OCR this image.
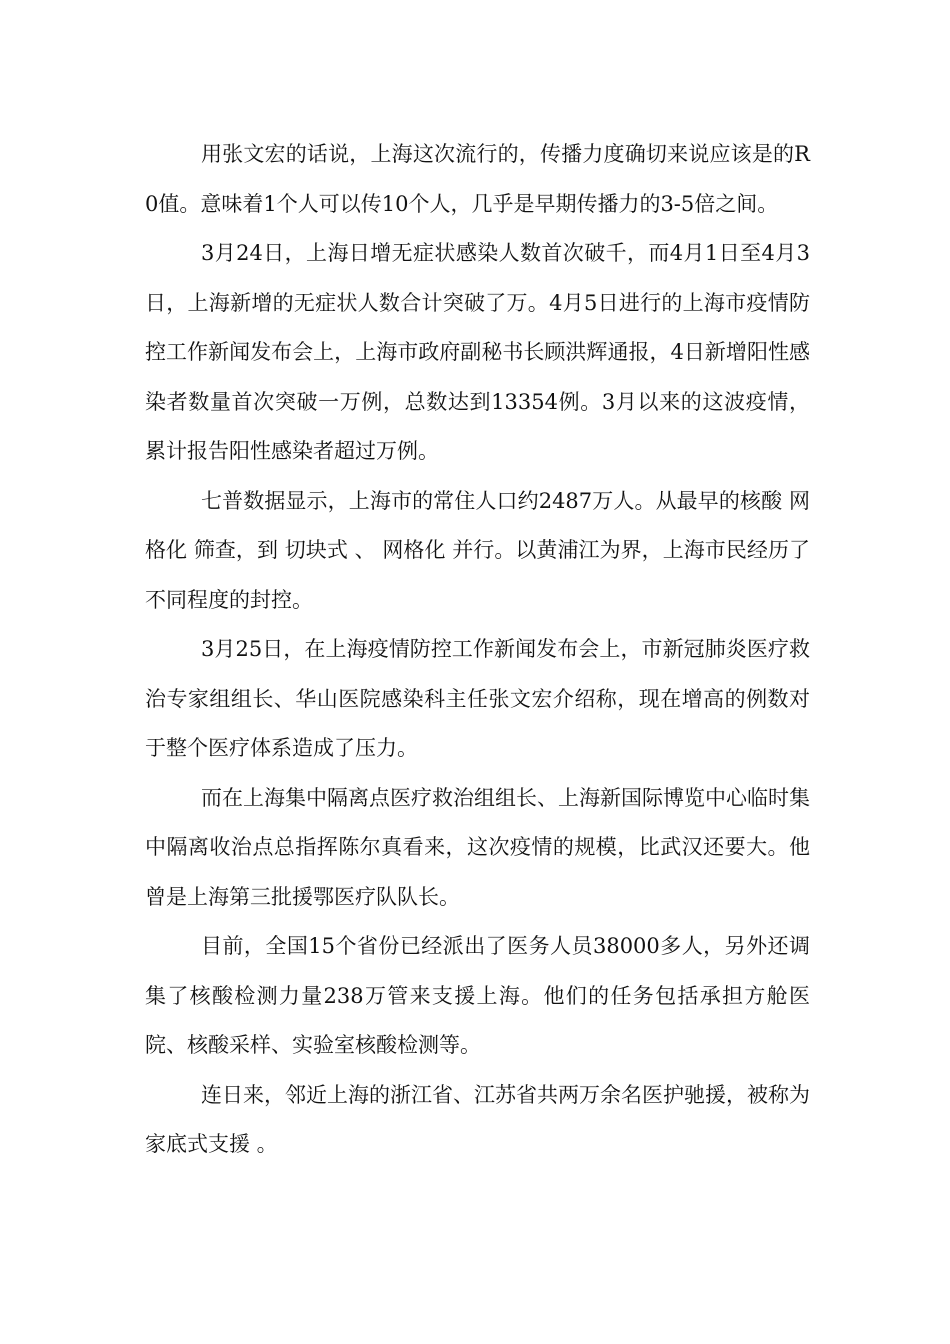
用张文宏的话说，上海这次流行的，传播力度确切来说应该是的R0值。意味着1个人可以传10个人，几乎是早期传播力的3-5倍之间。

3月24日，上海日增无症状感染人数首次破千，而4月1日至4月3日，上海新增的无症状人数合计突破了万。4月5日进行的上海市疫情防控工作新闻发布会上，上海市政府副秘书长顾洪辉通报，4日新增阳性感染者数量首次突破一万例，总数达到13354例。3月以来的这波疫情，累计报告阳性感染者超过万例。

七普数据显示，上海市的常住人口约2487万人。从最早的核酸 网格化 筛查，到 切块式 、 网格化 并行。以黄浦江为界，上海市民经历了不同程度的封控。

3月25日，在上海疫情防控工作新闻发布会上，市新冠肺炎医疗救治专家组组长、华山医院感染科主任张文宏介绍称，现在增高的例数对于整个医疗体系造成了压力。

而在上海集中隔离点医疗救治组组长、上海新国际博览中心临时集中隔离收治点总指挥陈尔真看来，这次疫情的规模，比武汉还要大。他曾是上海第三批援鄂医疗队队长。

目前，全国15个省份已经派出了医务人员38000多人，另外还调集了核酸检测力量238万管来支援上海。他们的任务包括承担方舱医院、核酸采样、实验室核酸检测等。

连日来，邻近上海的浙江省、江苏省共两万余名医护驰援，被称为 家底式支援 。
